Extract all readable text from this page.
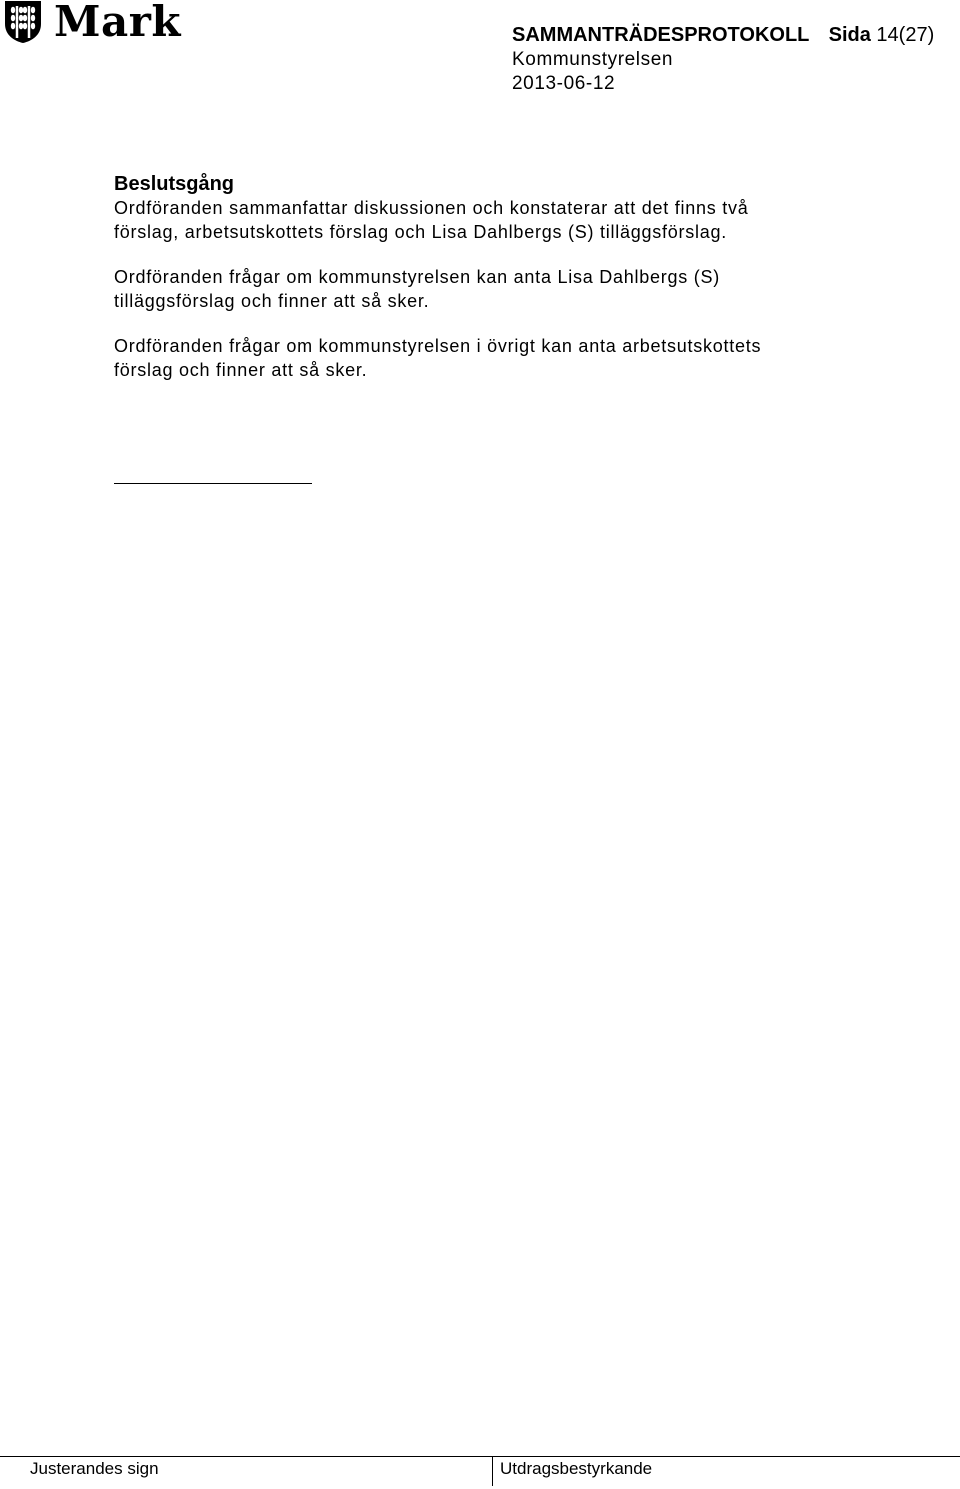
Mark	SAMMANTRÄDESPROTOKOLL Sida 14(27)
Kommunstyrelsen
2013-06-12
Beslutsgång

Ordföranden sammanfattar diskussionen och konstaterar att det finns två
förslag, arbetsutskottets förslag och Lisa Dahlbergs (S) tilläggsförslag.

Ordföranden frågar om kommunstyrelsen kan anta Lisa Dahlbergs (S)
tilläggsförslag och finner att så sker.

Ordföranden frågar om kommunstyrelsen i övrigt kan anta arbetsutskottets
förslag och finner att så sker.

Justerandes sign	Utdragsbestyrkande
